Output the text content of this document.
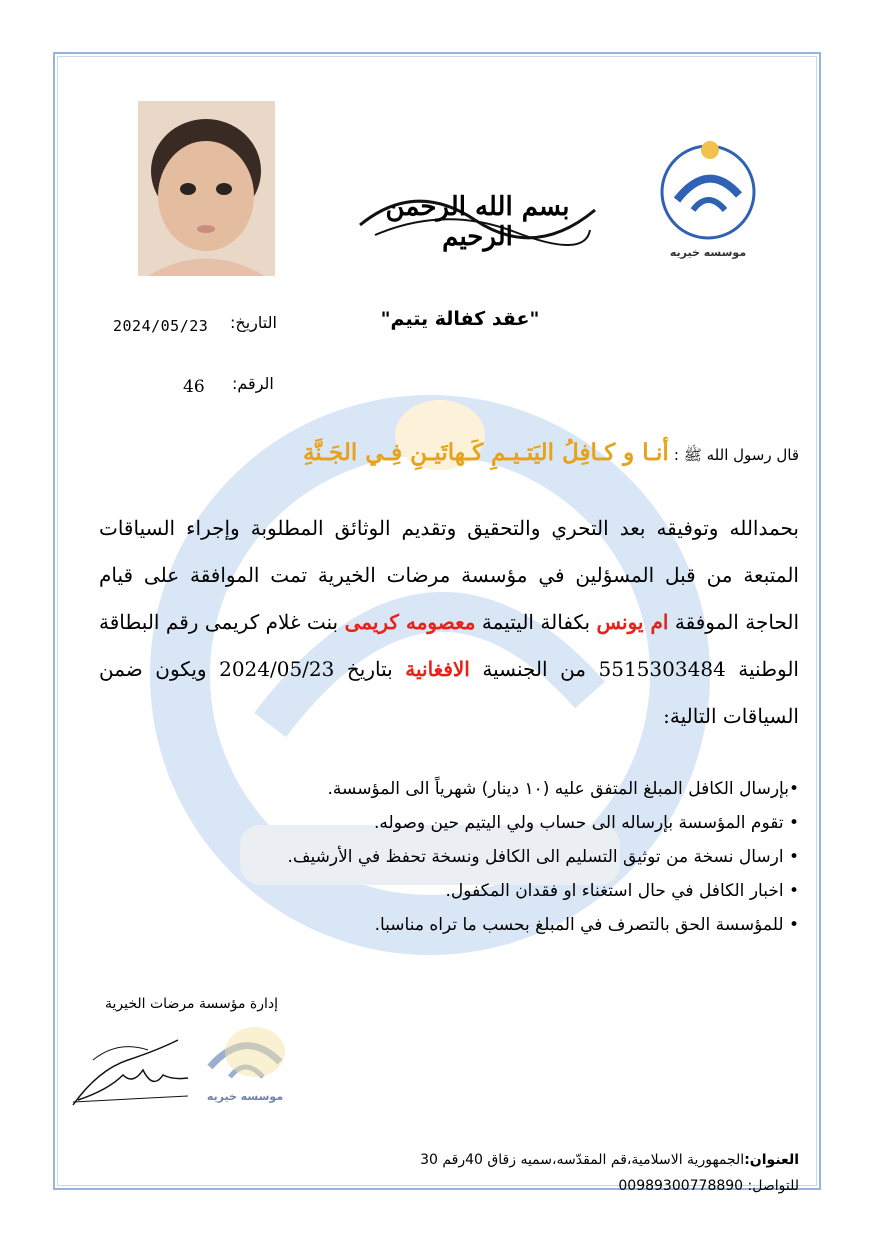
موسسه خيريه
بسم الله الرحمن الرحيم
"عقد كفالة يتيم"
التاريخ:
2024/05/23
الرقم:
46
قال رسول الله ﷺ : أنـا و كـافِلُ اليَتـيـمِ كَـهاتَيـنِ فِـي الجَـنَّةِ
بحمدالله وتوفيقه بعد التحري والتحقيق وتقديم الوثائق المطلوبة وإجراء السياقات المتبعة من قبل المسؤلين في مؤسسة مرضات الخيرية تمت الموافقة على قيام الحاجة الموفقة ام يونس بكفالة اليتيمة معصومه كريمى بنت غلام كريمى رقم البطاقة الوطنية 5515303484 من الجنسية الافغانية بتاريخ 2024/05/23 ويكون ضمن السياقات التالية:
•بإرسال الكافل المبلغ المتفق عليه (١٠ دينار) شهرياً الى المؤسسة.
• تقوم المؤسسة بإرساله الى حساب ولي اليتيم حين وصوله.
• ارسال نسخة من توثيق التسليم الى الكافل ونسخة تحفظ في الأرشيف.
• اخبار الكافل في حال استغناء او فقدان المكفول.
• للمؤسسة الحق بالتصرف في المبلغ بحسب ما تراه مناسبا.
إدارة مؤسسة مرضات الخيرية
موسسه خيريه
العنوان:الجمهورية الاسلامية،قم المقدّسه،سميه زقاق 40رقم 30
للتواصل: 00989300778890
